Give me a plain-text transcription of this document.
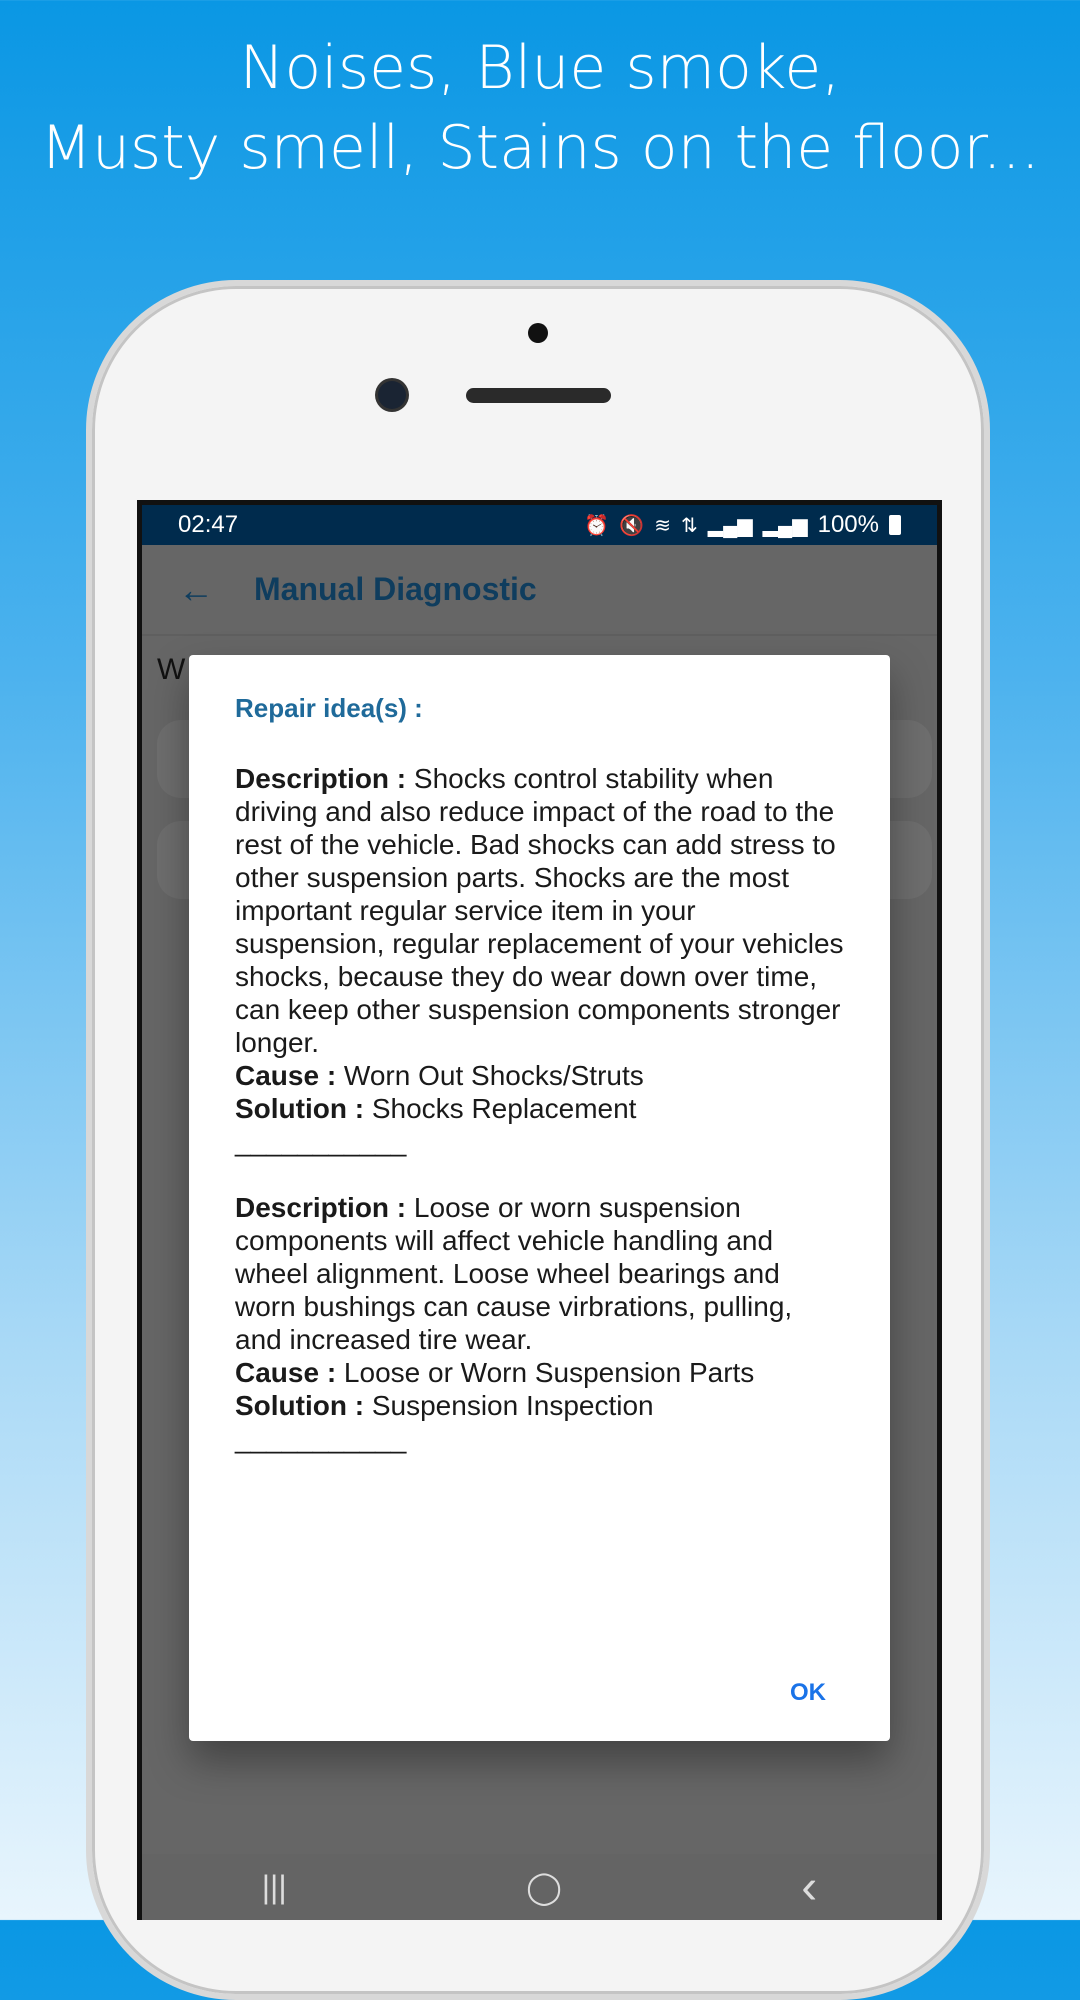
Noises, Blue smoke,
Musty smell, Stains on the floor...
02:47	⏰ 🔇 ≋ ⇅ ▂▄▆ ▂▄▆ 100%
← Manual Diagnostic
W
Repair idea(s) :
Description : Shocks control stability when driving and also reduce impact of the road to the rest of the vehicle. Bad shocks can add stress to other suspension parts. Shocks are the most important regular service item in your suspension, regular replacement of your vehicles shocks, because they do wear down over time, can keep other suspension components stronger longer.
Cause : Worn Out Shocks/Struts
Solution : Shocks Replacement
___________
Description : Loose or worn suspension components will affect vehicle handling and wheel alignment. Loose wheel bearings and worn bushings can cause virbrations, pulling, and increased tire wear.
Cause : Loose or Worn Suspension Parts
Solution : Suspension Inspection
___________
OK
|||	◯	‹
